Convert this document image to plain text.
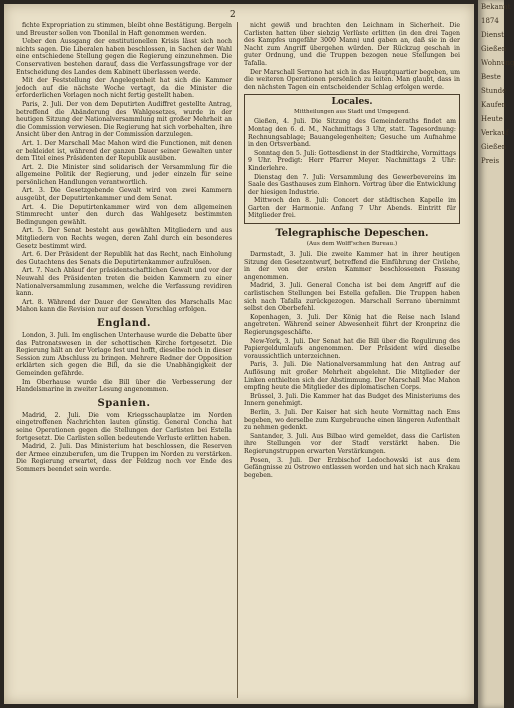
2

fichte Expropriation zu stimmen, bleibt ohne Bestätigung. Bergeln und Breuster sollen von Tbonilal in Haft genommen werden.

Ueber den Aussgang der enstitutionellen Krisis lässt sich noch nichts sagen. Die Liberalen haben beschlossen, in Sachen der Wahl eine entschiedene Stellung gegen die Regierung einzunehmen. Die Conservativen bestehen darauf, dass die Verfassungsfrage vor der Entscheidung des Landes dem Kabinett überlassen werde.

Mit der Feststellung der Angelegenheit hat sich die Kammer jedoch auf die nächste Woche vertagt, da die Minister die erforderlichen Vorlagen noch nicht fertig gestellt haben.

Paris, 2. Juli. Der von dem Deputirten Audiffret gestellte Antrag, betreffend die Abänderung des Wahlgesetzes, wurde in der heutigen Sitzung der Nationalversammlung mit großer Mehrheit an die Commission verwiesen. Die Regierung hat sich vorbehalten, ihre Ansicht über den Antrag in der Commission darzulegen.

Art. 1. Der Marschall Mac Mahon wird die Functionen, mit denen er bekleidet ist, während der ganzen Dauer seiner Gewalten unter dem Titel eines Präsidenten der Republik ausüben.

Art. 2. Die Minister sind solidarisch der Versammlung für die allgemeine Politik der Regierung, und jeder einzeln für seine persönlichen Handlungen verantwortlich.

Art. 3. Die Gesetzgebende Gewalt wird von zwei Kammern ausgeübt, der Deputirtenkammer und dem Senat.

Art. 4. Die Deputirtenkammer wird von dem allgemeinen Stimmrecht unter den durch das Wahlgesetz bestimmten Bedingungen gewählt.

Art. 5. Der Senat besteht aus gewählten Mitgliedern und aus Mitgliedern von Rechts wegen, deren Zahl durch ein besonderes Gesetz bestimmt wird.

Art. 6. Der Präsident der Republik hat das Recht, nach Einholung des Gutachtens des Senats die Deputirtenkammer aufzulösen.

Art. 7. Nach Ablauf der präsidentschaftlichen Gewalt und vor der Neuwahl des Präsidenten treten die beiden Kammern zu einer Nationalversammlung zusammen, welche die Verfassung revidiren kann.

Art. 8. Während der Dauer der Gewalten des Marschalls Mac Mahon kann die Revision nur auf dessen Vorschlag erfolgen.

England.

London, 3. Juli. Im englischen Unterhause wurde die Debatte über das Patronatswesen in der schottischen Kirche fortgesetzt. Die Regierung hält an der Vorlage fest und hofft, dieselbe noch in dieser Session zum Abschluss zu bringen. Mehrere Redner der Opposition erklärten sich gegen die Bill, da sie die Unabhängigkeit der Gemeinden gefährde.

Im Oberhause wurde die Bill über die Verbesserung der Handelsmarine in zweiter Lesung angenommen.

Spanien.

Madrid, 2. Juli. Die vom Kriegsschauplatze im Norden eingetroffenen Nachrichten lauten günstig. General Concha hat seine Operationen gegen die Stellungen der Carlisten bei Estella fortgesetzt. Die Carlisten sollen bedeutende Verluste erlitten haben.

Madrid, 2. Juli. Das Ministerium hat beschlossen, die Reserven der Armee einzuberufen, um die Truppen im Norden zu verstärken. Die Regierung erwartet, dass der Feldzug noch vor Ende des Sommers beendet sein werde.

nicht gewiß und brachten den Leichnam in Sicherheit. Die Carlisten hatten über siebzig Verlüste erlitten (in den drei Tagen des Kampfes ungefähr 3000 Mann) und gaben an, daß sie in der Nacht zum Angriff übergehen würden. Der Rückzug geschah in guter Ordnung, und die Truppen bezogen neue Stellungen bei Tafalla.

Der Marschall Serrano hat sich in das Hauptquartier begeben, um die weiteren Operationen persönlich zu leiten. Man glaubt, dass in den nächsten Tagen ein entscheidender Schlag erfolgen werde.

Locales.
Mittheilungen aus Stadt und Umgegend.

Gießen, 4. Juli. Die Sitzung des Gemeinderaths findet am Montag den 6. d. M., Nachmittags 3 Uhr, statt. Tagesordnung: Rechnungsablage; Bauangelegenheiten; Gesuche um Aufnahme in den Ortsverband.

Sonntag den 5. Juli: Gottesdienst in der Stadtkirche, Vormittags 9 Uhr. Predigt: Herr Pfarrer Meyer. Nachmittags 2 Uhr: Kinderlehre.

Dienstag den 7. Juli: Versammlung des Gewerbevereins im Saale des Gasthauses zum Einhorn. Vortrag über die Entwicklung der hiesigen Industrie.

Mittwoch den 8. Juli: Concert der städtischen Kapelle im Garten der Harmonie. Anfang 7 Uhr Abends. Eintritt für Mitglieder frei.

Telegraphische Depeschen.
(Aus dem Wolff'schen Bureau.)

Darmstadt, 3. Juli. Die zweite Kammer hat in ihrer heutigen Sitzung den Gesetzentwurf, betreffend die Einführung der Civilehe, in der von der ersten Kammer beschlossenen Fassung angenommen.

Madrid, 3. Juli. General Concha ist bei dem Angriff auf die carlistischen Stellungen bei Estella gefallen. Die Truppen haben sich nach Tafalla zurückgezogen. Marschall Serrano übernimmt selbst den Oberbefehl.

Kopenhagen, 3. Juli. Der König hat die Reise nach Island angetreten. Während seiner Abwesenheit führt der Kronprinz die Regierungsgeschäfte.

New-York, 3. Juli. Der Senat hat die Bill über die Regulirung des Papiergeldumlaufs angenommen. Der Präsident wird dieselbe voraussichtlich unterzeichnen.

Paris, 3. Juli. Die Nationalversammlung hat den Antrag auf Auflösung mit großer Mehrheit abgelehnt. Die Mitglieder der Linken enthielten sich der Abstimmung. Der Marschall Mac Mahon empfing heute die Mitglieder des diplomatischen Corps.

Brüssel, 3. Juli. Die Kammer hat das Budget des Ministeriums des Innern genehmigt.

Berlin, 3. Juli. Der Kaiser hat sich heute Vormittag nach Ems begeben, wo derselbe zum Kurgebrauche einen längeren Aufenthalt zu nehmen gedenkt.

Santander, 3. Juli. Aus Bilbao wird gemeldet, dass die Carlisten ihre Stellungen vor der Stadt verstärkt haben. Die Regierungstruppen erwarten Verstärkungen.

Posen, 3. Juli. Der Erzbischof Ledochowski ist aus dem Gefängnisse zu Ostrowo entlassen worden und hat sich nach Krakau begeben.

Bekannt
1874
Dienst
Gießen
Wohnung
Beste
Stunde
Kaufen
Heute
Verkauf
Gießen
Preis
